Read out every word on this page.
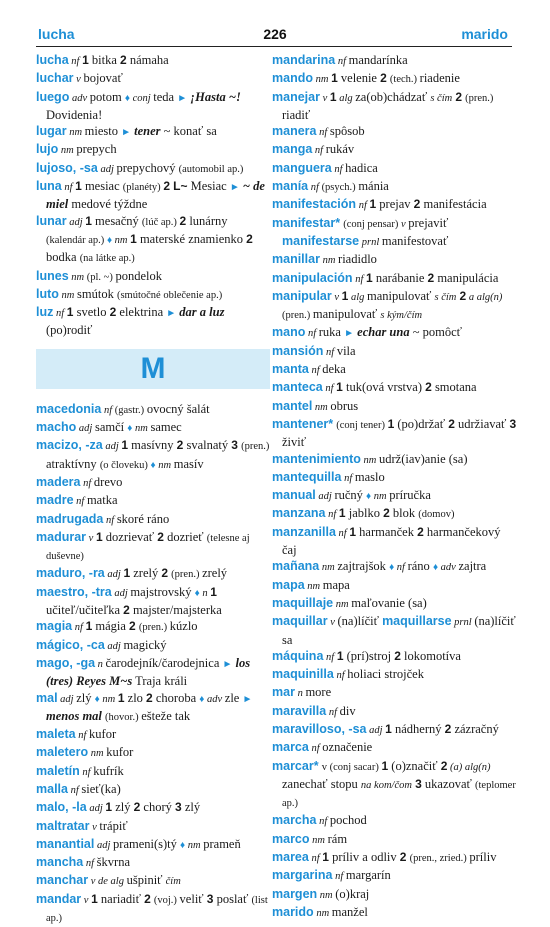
lucha	226	marido

lucha nf 1 bitka 2 námaha

luchar v bojovať

luego adv potom ♦ conj teda ► ¡Hasta ~! Dovidenia!

lugar nm miesto ► tener ~ konať sa

lujo nm prepych

lujoso, -sa adj prepychový (automobil ap.)

luna nf 1 mesiac (planéty) 2 L~ Mesiac ► ~ de miel medové týždne

lunar adj 1 mesačný (lúč ap.) 2 lunárny (kalendár ap.) ♦ nm 1 materské znamienko 2 bodka (na látke ap.)

lunes nm (pl. ~) pondelok

luto nm smútok (smútočné oblečenie ap.)

luz nf 1 svetlo 2 elektrina ► dar a luz (po)rodiť

M

macedonia nf (gastr.) ovocný šalát

macho adj samčí ♦ nm samec

macizo, -za adj 1 masívny 2 svalnatý 3 (pren.) atraktívny (o človeku) ♦ nm masív

madera nf drevo

madre nf matka

madrugada nf skoré ráno

madurar v 1 dozrievať 2 dozrieť (telesne aj duševne)

maduro, -ra adj 1 zrelý 2 (pren.) zrelý

maestro, -tra adj majstrovský ♦ n 1 učiteľ/učiteľka 2 majster/majsterka

magia nf 1 mágia 2 (pren.) kúzlo

mágico, -ca adj magický

mago, -ga n čarodejník/čarodejnica ► los (tres) Reyes M~s Traja králi

mal adj zlý ♦ nm 1 zlo 2 choroba ♦ adv zle ► menos mal (hovor.) ešteže tak

maleta nf kufor

maletero nm kufor

maletín nf kufrík

malla nf sieť(ka)

malo, -la adj 1 zlý 2 chorý 3 zlý

maltratar v trápiť

manantial adj prameni(s)tý ♦ nm prameň

mancha nf škvrna

manchar v de alg ušpiniť čím

mandar v 1 nariadiť 2 (voj.) veliť 3 poslať (list ap.)

mandarina nf mandarínka

mando nm 1 velenie 2 (tech.) riadenie

manejar v 1 alg za(ob)chádzať s čím 2 (pren.) riadiť

manera nf spôsob

manga nf rukáv

manguera nf hadica

manía nf (psych.) mánia

manifestación nf 1 prejav 2 manifestácia

manifestar* (conj pensar) v prejaviť manifestarse prnl manifestovať

manillar nm riadidlo

manipulación nf 1 narábanie 2 manipulácia

manipular v 1 alg manipulovať s čím 2 a alg(n) (pren.) manipulovať s kým/čím

mano nf ruka ► echar una ~ pomôcť

mansión nf vila

manta nf deka

manteca nf 1 tuk(ová vrstva) 2 smotana

mantel nm obrus

mantener* (conj tener) 1 (po)držať 2 udržiavať 3 živiť

mantenimiento nm udrž(iav)anie (sa)

mantequilla nf maslo

manual adj ručný ♦ nm príručka

manzana nf 1 jablko 2 blok (domov)

manzanilla nf 1 harmanček 2 harmančekový čaj

mañana nm zajtrajšok ♦ nf ráno ♦ adv zajtra

mapa nm mapa

maquillaje nm maľovanie (sa)

maquillar v (na)líčiť maquillarse prnl (na)líčiť sa

máquina nf 1 (prí)stroj 2 lokomotíva

maquinilla nf holiaci strojček

mar n more

maravilla nf div

maravilloso, -sa adj 1 nádherný 2 zázračný

marca nf označenie

marcar* v (conj sacar) 1 (o)značiť 2 (a) alg(n) zanechať stopu na kom/čom 3 ukazovať (teplomer ap.)

marcha nf pochod

marco nm rám

marea nf 1 príliv a odliv 2 (pren., zried.) príliv

margarina nf margarín

margen nm (o)kraj

marido nm manžel
